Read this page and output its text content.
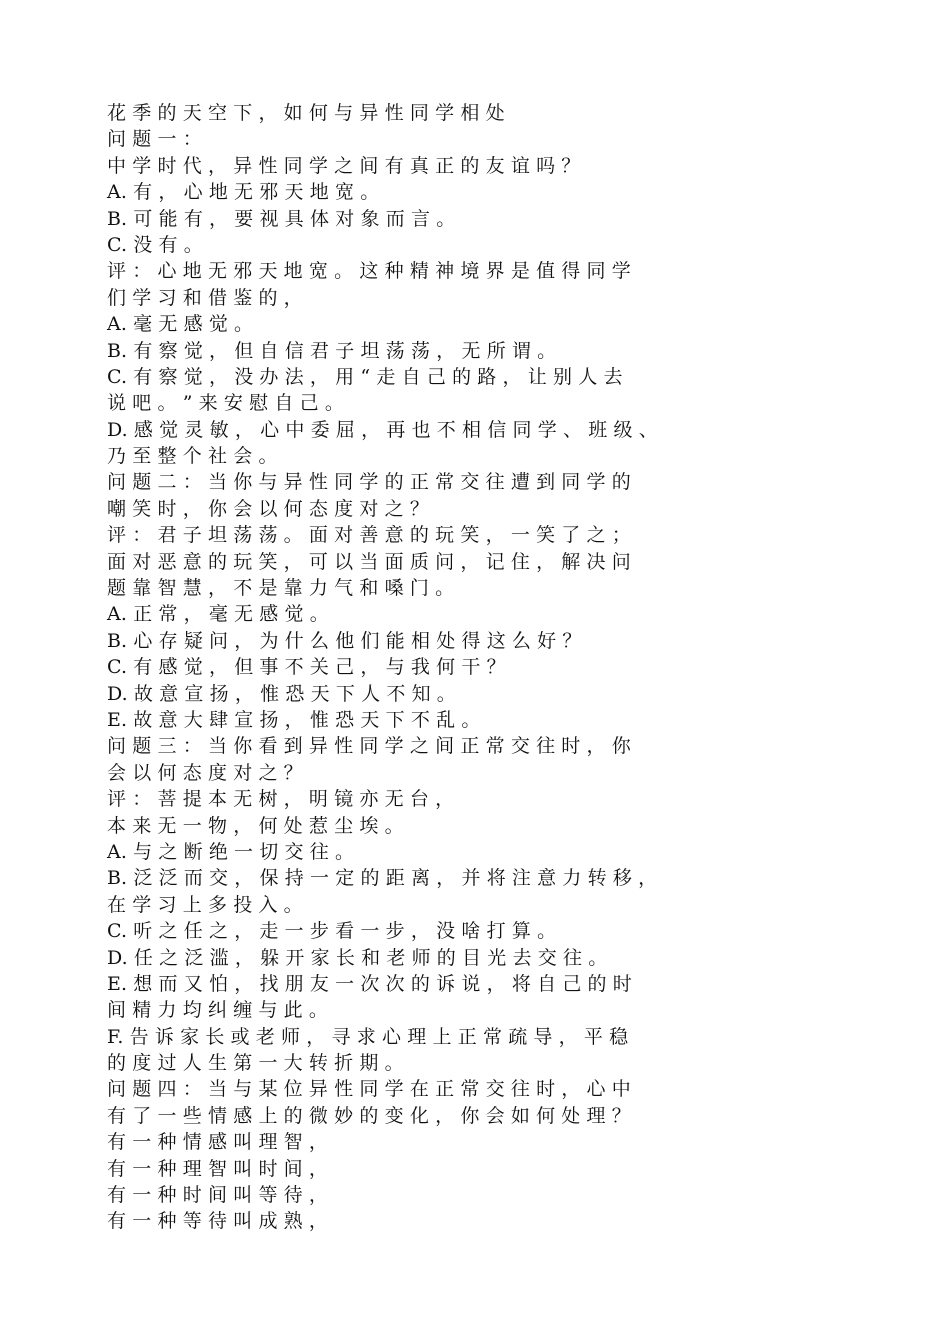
花 季 的 天 空 下 ， 如 何 与 异 性 同 学 相 处
问 题 一 ：
中 学 时 代 ， 异 性 同 学 之 间 有 真 正 的 友 谊 吗 ？
A. 有 ， 心 地 无 邪 天 地 宽 。
B. 可 能 有 ， 要 视 具 体 对 象 而 言 。
C. 没 有 。
评 ： 心 地 无 邪 天 地 宽 。 这 种 精 神 境 界 是 值 得 同 学
们 学 习 和 借 鉴 的 ，
A. 毫 无 感 觉 。
B. 有 察 觉 ， 但 自 信 君 子 坦 荡 荡 ， 无 所 谓 。
C. 有 察 觉 ， 没 办 法 ， 用 “ 走 自 己 的 路 ， 让 别 人 去
说 吧 。 ” 来 安 慰 自 己 。
D. 感 觉 灵 敏 ， 心 中 委 屈 ， 再 也 不 相 信 同 学 、 班 级 、
乃 至 整 个 社 会 。
问 题 二 ： 当 你 与 异 性 同 学 的 正 常 交 往 遭 到 同 学 的
嘲 笑 时 ， 你 会 以 何 态 度 对 之 ？
评 ： 君 子 坦 荡 荡 。 面 对 善 意 的 玩 笑 ， 一 笑 了 之 ；
面 对 恶 意 的 玩 笑 ， 可 以 当 面 质 问 ， 记 住 ， 解 决 问
题 靠 智 慧 ， 不 是 靠 力 气 和 嗓 门 。
A. 正 常 ， 毫 无 感 觉 。
B. 心 存 疑 问 ， 为 什 么 他 们 能 相 处 得 这 么 好 ？
C. 有 感 觉 ， 但 事 不 关 己 ， 与 我 何 干 ？
D. 故 意 宣 扬 ， 惟 恐 天 下 人 不 知 。
E. 故 意 大 肆 宣 扬 ， 惟 恐 天 下 不 乱 。
问 题 三 ： 当 你 看 到 异 性 同 学 之 间 正 常 交 往 时 ， 你
会 以 何 态 度 对 之 ？
评 ： 菩 提 本 无 树 ， 明 镜 亦 无 台 ，
本 来 无 一 物 ， 何 处 惹 尘 埃 。
A. 与 之 断 绝 一 切 交 往 。
B. 泛 泛 而 交 ， 保 持 一 定 的 距 离 ， 并 将 注 意 力 转 移 ，
在 学 习 上 多 投 入 。
C. 听 之 任 之 ， 走 一 步 看 一 步 ， 没 啥 打 算 。
D. 任 之 泛 滥 ， 躲 开 家 长 和 老 师 的 目 光 去 交 往 。
E. 想 而 又 怕 ， 找 朋 友 一 次 次 的 诉 说 ， 将 自 己 的 时
间 精 力 均 纠 缠 与 此 。
F. 告 诉 家 长 或 老 师 ， 寻 求 心 理 上 正 常 疏 导 ， 平 稳
的 度 过 人 生 第 一 大 转 折 期 。
问 题 四 ： 当 与 某 位 异 性 同 学 在 正 常 交 往 时 ， 心 中
有 了 一 些 情 感 上 的 微 妙 的 变 化 ， 你 会 如 何 处 理 ？
有 一 种 情 感 叫 理 智 ，
有 一 种 理 智 叫 时 间 ，
有 一 种 时 间 叫 等 待 ，
有 一 种 等 待 叫 成 熟 ，
